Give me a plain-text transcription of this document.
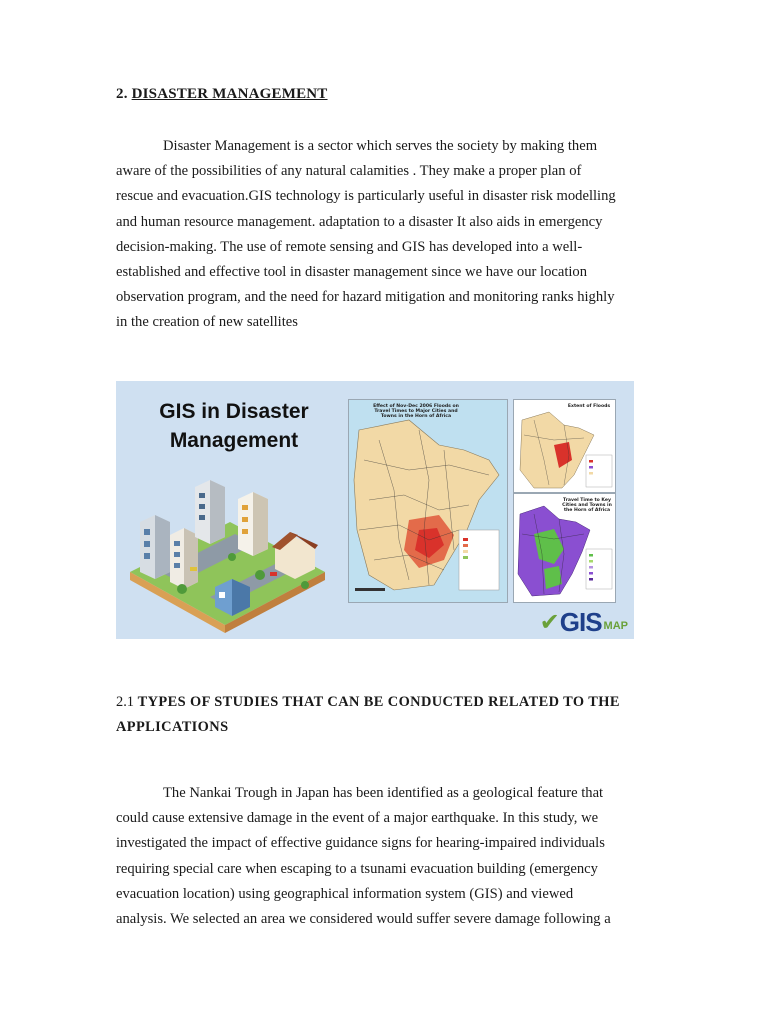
2. DISASTER MANAGEMENT

Disaster Management is a sector which serves the society by making them
aware of the possibilities of any natural calamities . They make a proper plan of
rescue and evacuation.GIS technology is particularly useful in disaster risk modelling
and human resource management. adaptation to a disaster It also aids in emergency
decision-making. The use of remote sensing and GIS has developed into a well-
established and effective tool in disaster management since we have our location
observation program, and the need for hazard mitigation and monitoring ranks highly
in the creation of new satellites

GIS in Disaster
Management
Effect of Nov-Dec 2006 Floods on Travel Times to Major Cities and Towns in the Horn of Africa
Extent of Floods
Travel Time to Key Cities and Towns in the Horn of Africa
✔ GIS MAP
2.1 TYPES OF STUDIES THAT CAN BE CONDUCTED RELATED TO THE
APPLICATIONS

The Nankai Trough in Japan has been identified as a geological feature that
could cause extensive damage in the event of a major earthquake. In this study, we
investigated the impact of effective guidance signs for hearing-impaired individuals
requiring special care when escaping to a tsunami evacuation building (emergency
evacuation location) using geographical information system (GIS) and viewed
analysis. We selected an area we considered would suffer severe damage following a
